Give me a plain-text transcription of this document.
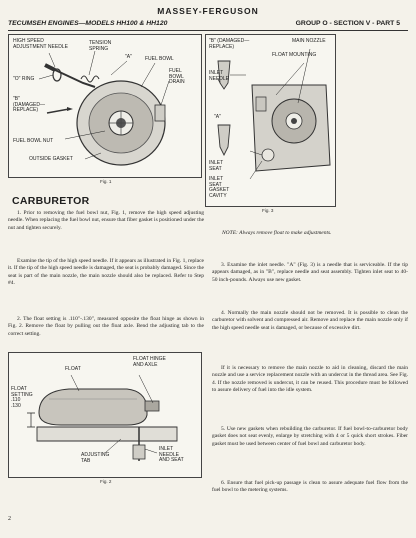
MASSEY-FERGUSON
TECUMSEH ENGINES—MODELS HH100 & HH120	GROUP O - SECTION V - PART 5
HIGH SPEED
ADJUSTMENT NEEDLE
TENSION
SPRING
"A"	FUEL BOWL
FUEL
BOWL
DRAIN
"O" RING
"B"
(DAMAGED—
REPLACE)
FUEL BOWL NUT
OUTSIDE GASKET
Fig. 1
"B" (DAMAGED—
REPLACE)
MAIN NOZZLE
FLOAT MOUNTING
INLET
NEEDLE
"A"
INLET
SEAT
INLET
SEAT
GASKET
CAVITY
Fig. 3
CARBURETOR

1. Prior to removing the fuel bowl nut, Fig. 1, remove the high speed adjusting needle. When replacing the fuel bowl nut, ensure that fiber gasket is positioned under the nut and tighten securely.

Examine the tip of the high speed needle. If it appears as illustrated in Fig. 1, replace it. If the tip of the high speed needle is damaged, the seat is probably damaged. Since the seat is part of the main nozzle, the main nozzle should also be replaced. Refer to Step #4.

2. The float setting is .110"-.130", measured opposite the float hinge as shown in Fig. 2. Remove the float by pulling out the float axle. Bend the adjusting tab to the correct setting.

FLOAT
FLOAT HINGE
AND AXLE
FLOAT
SETTING
.110
.130
ADJUSTING
TAB
INLET
NEEDLE
AND SEAT
Fig. 2

NOTE: Always remove float to make adjustments.

3. Examine the inlet needle. "A" (Fig. 3) is a needle that is serviceable. If the tip appears damaged, as in "B", replace needle and seat assembly. Tighten inlet seat to 40-50 inch-pounds. Always use new gasket.

4. Normally the main nozzle should not be removed. It is possible to clean the carburetor with solvent and compressed air. Remove and replace the main nozzle only if the high speed needle seat is damaged, or because of excessive dirt.

If it is necessary to remove the main nozzle to aid in cleaning, discard the main nozzle and use a service replacement nozzle with an undercut in the thread area. See Fig. 4. If the nozzle removed is undercut, it can be reused. This procedure must be followed to assure delivery of fuel into the idle system.

5. Use new gaskets when rebuilding the carburetor. If fuel bowl-to-carburetor body gasket does not seat evenly, enlarge by stretching with 4 or 5 quick short strokes. Fiber gasket must be used between center of fuel bowl and carburetor body.

6. Ensure that fuel pick-up passage is clean to assure adequate fuel flow from the fuel bowl to the metering systems.

2
